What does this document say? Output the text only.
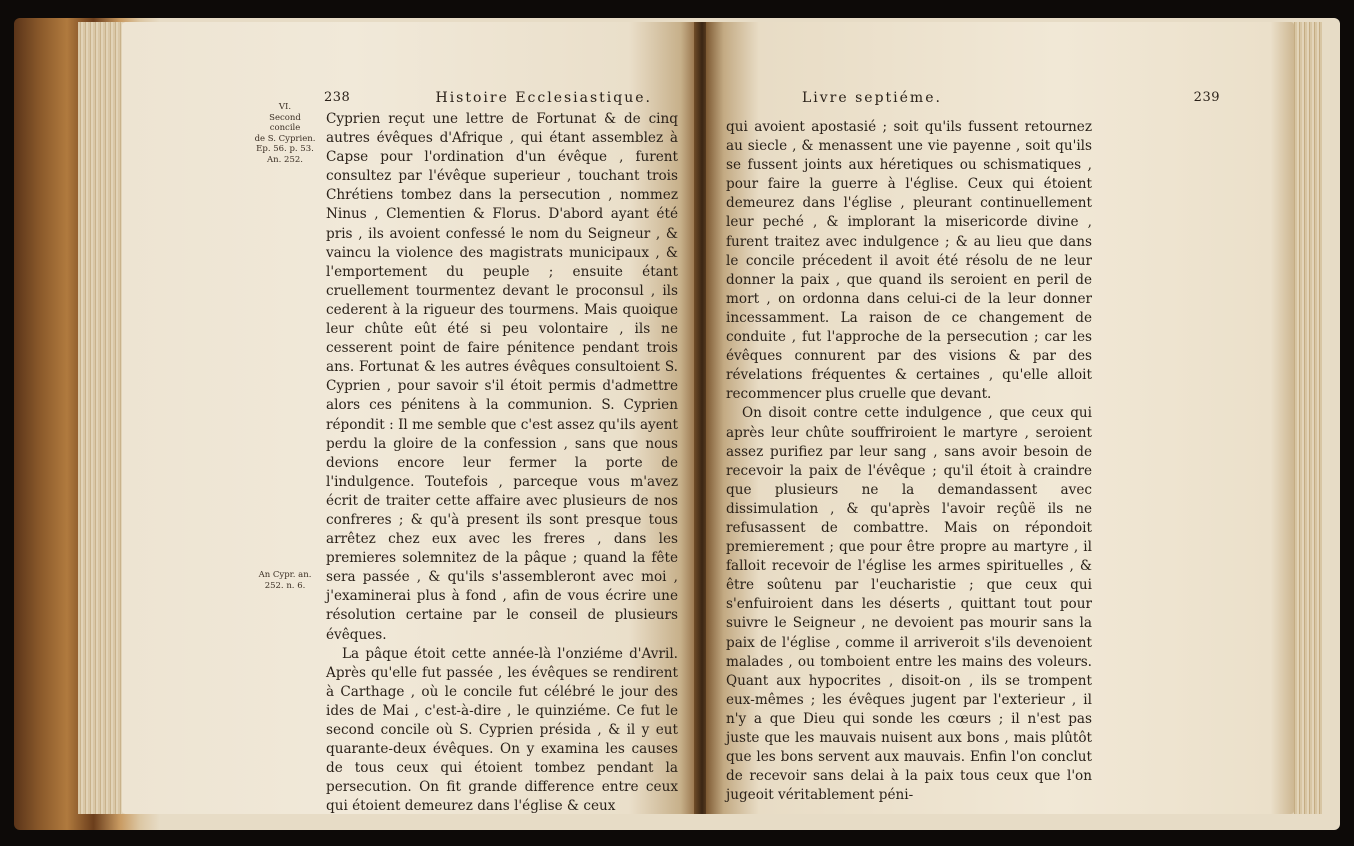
238	Histoire Ecclesiastique.
VI.
Second concile
de S. Cyprien.
Ep. 56. p. 53.
An. 252.
An Cypr. an.
252. n. 6.

Cyprien reçut une lettre de Fortunat & de cinq autres évêques d'Afrique , qui étant assemblez à Capse pour l'ordination d'un évêque , furent consultez par l'évêque superieur , touchant trois Chrétiens tombez dans la persecution , nommez Ninus , Clementien & Florus. D'abord ayant été pris , ils avoient confessé le nom du Seigneur , & vaincu la violence des magistrats municipaux , & l'emportement du peuple ; ensuite étant cruellement tourmentez devant le proconsul , ils cederent à la rigueur des tourmens. Mais quoique leur chûte eût été si peu volontaire , ils ne cesserent point de faire pénitence pendant trois ans. Fortunat & les autres évêques consultoient S. Cyprien , pour savoir s'il étoit permis d'admettre alors ces pénitens à la communion. S. Cyprien répondit : Il me semble que c'est assez qu'ils ayent perdu la gloire de la confession , sans que nous devions encore leur fermer la porte de l'indulgence. Toutefois , parceque vous m'avez écrit de traiter cette affaire avec plusieurs de nos confreres ; & qu'à present ils sont presque tous arrêtez chez eux avec les freres , dans les premieres solemnitez de la pâque ; quand la fête sera passée , & qu'ils s'assembleront avec moi , j'examinerai plus à fond , afin de vous écrire une résolution certaine par le conseil de plusieurs évêques.

La pâque étoit cette année-là l'onziéme d'Avril. Après qu'elle fut passée , les évêques se rendirent à Carthage , où le concile fut célébré le jour des ides de Mai , c'est-à-dire , le quinziéme. Ce fut le second concile où S. Cyprien présida , & il y eut quarante-deux évêques. On y examina les causes de tous ceux qui étoient tombez pendant la persecution. On fit grande difference entre ceux qui étoient demeurez dans l'église & ceux

Livre septiéme.	239

qui avoient apostasié ; soit qu'ils fussent retournez au siecle , & menassent une vie payenne , soit qu'ils se fussent joints aux héretiques ou schismatiques , pour faire la guerre à l'église. Ceux qui étoient demeurez dans l'église , pleurant continuellement leur peché , & implorant la misericorde divine , furent traitez avec indulgence ; & au lieu que dans le concile précedent il avoit été résolu de ne leur donner la paix , que quand ils seroient en peril de mort , on ordonna dans celui-ci de la leur donner incessamment. La raison de ce changement de conduite , fut l'approche de la persecution ; car les évêques connurent par des visions & par des révelations fréquentes & certaines , qu'elle alloit recommencer plus cruelle que devant.

On disoit contre cette indulgence , que ceux qui après leur chûte souffriroient le martyre , seroient assez purifiez par leur sang , sans avoir besoin de recevoir la paix de l'évêque ; qu'il étoit à craindre que plusieurs ne la demandassent avec dissimulation , & qu'après l'avoir reçûë ils ne refusassent de combattre. Mais on répondoit premierement ; que pour être propre au martyre , il falloit recevoir de l'église les armes spirituelles , & être soûtenu par l'eucharistie ; que ceux qui s'enfuiroient dans les déserts , quittant tout pour suivre le Seigneur , ne devoient pas mourir sans la paix de l'église , comme il arriveroit s'ils devenoient malades , ou tomboient entre les mains des voleurs. Quant aux hypocrites , disoit-on , ils se trompent eux-mêmes ; les évêques jugent par l'exterieur , il n'y a que Dieu qui sonde les cœurs ; il n'est pas juste que les mauvais nuisent aux bons , mais plûtôt que les bons servent aux mauvais. Enfin l'on conclut de recevoir sans delai à la paix tous ceux que l'on jugeoit véritablement péni-
